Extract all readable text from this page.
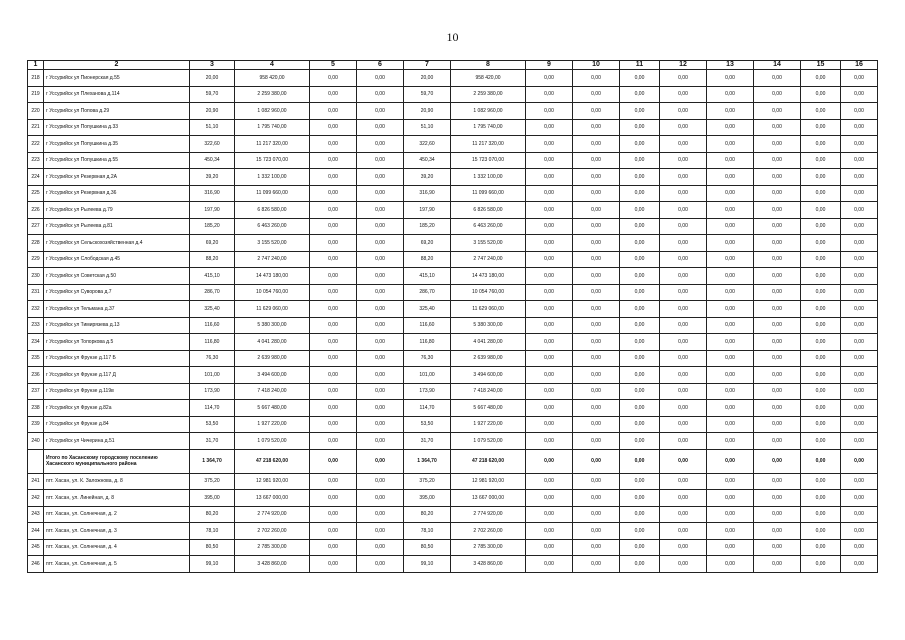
10
1	2	3	4	5	6	7	8	9	10	11	12	13	14	15	16
218	г Уссурийск ул Пионерская д.55	20,00	958 420,00	0,00	0,00	20,00	958 420,00	0,00	0,00	0,00	0,00	0,00	0,00	0,00	0,00
219	г Уссурийск ул Плеханова д.114	59,70	2 259 380,00	0,00	0,00	59,70	2 259 380,00	0,00	0,00	0,00	0,00	0,00	0,00	0,00	0,00
220	г Уссурийск ул Попова д.29	20,90	1 082 960,00	0,00	0,00	20,90	1 082 960,00	0,00	0,00	0,00	0,00	0,00	0,00	0,00	0,00
221	г Уссурийск ул Попушкина д.33	51,10	1 795 740,00	0,00	0,00	51,10	1 795 740,00	0,00	0,00	0,00	0,00	0,00	0,00	0,00	0,00
222	г Уссурийск ул Попушкина д.35	322,60	11 217 320,00	0,00	0,00	322,60	11 217 320,00	0,00	0,00	0,00	0,00	0,00	0,00	0,00	0,00
223	г Уссурийск ул Попушкина д.55	450,34	15 723 070,00	0,00	0,00	450,34	15 723 070,00	0,00	0,00	0,00	0,00	0,00	0,00	0,00	0,00
224	г Уссурийск ул Резервная д.2А	39,20	1 332 100,00	0,00	0,00	39,20	1 332 100,00	0,00	0,00	0,00	0,00	0,00	0,00	0,00	0,00
225	г Уссурийск ул Резервная д.36	316,90	11 099 660,00	0,00	0,00	316,90	11 099 660,00	0,00	0,00	0,00	0,00	0,00	0,00	0,00	0,00
226	г Уссурийск ул Рылеева д.79	197,90	6 826 580,00	0,00	0,00	197,90	6 826 580,00	0,00	0,00	0,00	0,00	0,00	0,00	0,00	0,00
227	г Уссурийск ул Рылеева д.81	185,20	6 463 260,00	0,00	0,00	185,20	6 463 260,00	0,00	0,00	0,00	0,00	0,00	0,00	0,00	0,00
228	г Уссурийск ул Сельскохозяйственная д.4	69,20	3 155 520,00	0,00	0,00	69,20	3 155 520,00	0,00	0,00	0,00	0,00	0,00	0,00	0,00	0,00
229	г Уссурийск ул Слободская д.45	88,20	2 747 240,00	0,00	0,00	88,20	2 747 240,00	0,00	0,00	0,00	0,00	0,00	0,00	0,00	0,00
230	г Уссурийск ул Советская д.50	415,10	14 473 180,00	0,00	0,00	415,10	14 473 180,00	0,00	0,00	0,00	0,00	0,00	0,00	0,00	0,00
231	г Уссурийск ул Суворова д.7	286,70	10 054 760,00	0,00	0,00	286,70	10 054 760,00	0,00	0,00	0,00	0,00	0,00	0,00	0,00	0,00
232	г Уссурийск ул Тельмана д.37	325,40	11 629 060,00	0,00	0,00	325,40	11 629 060,00	0,00	0,00	0,00	0,00	0,00	0,00	0,00	0,00
233	г Уссурийск ул Тимирязева д.13	116,60	5 380 300,00	0,00	0,00	116,60	5 380 300,00	0,00	0,00	0,00	0,00	0,00	0,00	0,00	0,00
234	г Уссурийск ул Топоркова д.5	116,80	4 041 280,00	0,00	0,00	116,80	4 041 280,00	0,00	0,00	0,00	0,00	0,00	0,00	0,00	0,00
235	г Уссурийск ул Фрунзе д.117 Б	76,30	2 639 980,00	0,00	0,00	76,30	2 639 980,00	0,00	0,00	0,00	0,00	0,00	0,00	0,00	0,00
236	г Уссурийск ул Фрунзе д.117 Д	101,00	3 494 600,00	0,00	0,00	101,00	3 494 600,00	0,00	0,00	0,00	0,00	0,00	0,00	0,00	0,00
237	г Уссурийск ул Фрунзе д.119в	173,90	7 418 240,00	0,00	0,00	173,90	7 418 240,00	0,00	0,00	0,00	0,00	0,00	0,00	0,00	0,00
238	г Уссурийск ул Фрунзе д.82а	114,70	5 667 480,00	0,00	0,00	114,70	5 667 480,00	0,00	0,00	0,00	0,00	0,00	0,00	0,00	0,00
239	г Уссурийск ул Фрунзе д.84	53,50	1 927 220,00	0,00	0,00	53,50	1 927 220,00	0,00	0,00	0,00	0,00	0,00	0,00	0,00	0,00
240	г Уссурийск ул Чичерина д.51	31,70	1 079 520,00	0,00	0,00	31,70	1 079 520,00	0,00	0,00	0,00	0,00	0,00	0,00	0,00	0,00
	Итого по Хасанскому городскому поселению Хасанского муниципального района	1 364,70	47 218 620,00	0,00	0,00	1 364,70	47 218 620,00	0,00	0,00	0,00	0,00	0,00	0,00	0,00	0,00
241	пгт. Хасан, ул. К. Заложнова, д. 8	375,20	12 981 920,00	0,00	0,00	375,20	12 981 920,00	0,00	0,00	0,00	0,00	0,00	0,00	0,00	0,00
242	пгт. Хасан, ул. Линейная, д. 8	395,00	13 667 000,00	0,00	0,00	395,00	13 667 000,00	0,00	0,00	0,00	0,00	0,00	0,00	0,00	0,00
243	пгт. Хасан, ул. Солнечная, д. 2	80,20	2 774 920,00	0,00	0,00	80,20	2 774 920,00	0,00	0,00	0,00	0,00	0,00	0,00	0,00	0,00
244	пгт. Хасан, ул. Солнечная, д. 3	78,10	2 702 260,00	0,00	0,00	78,10	2 702 260,00	0,00	0,00	0,00	0,00	0,00	0,00	0,00	0,00
245	пгт. Хасан, ул. Солнечная, д. 4	80,50	2 785 300,00	0,00	0,00	80,50	2 785 300,00	0,00	0,00	0,00	0,00	0,00	0,00	0,00	0,00
246	пгт. Хасан, ул. Солнечная, д. 5	99,10	3 428 860,00	0,00	0,00	99,10	3 428 860,00	0,00	0,00	0,00	0,00	0,00	0,00	0,00	0,00
